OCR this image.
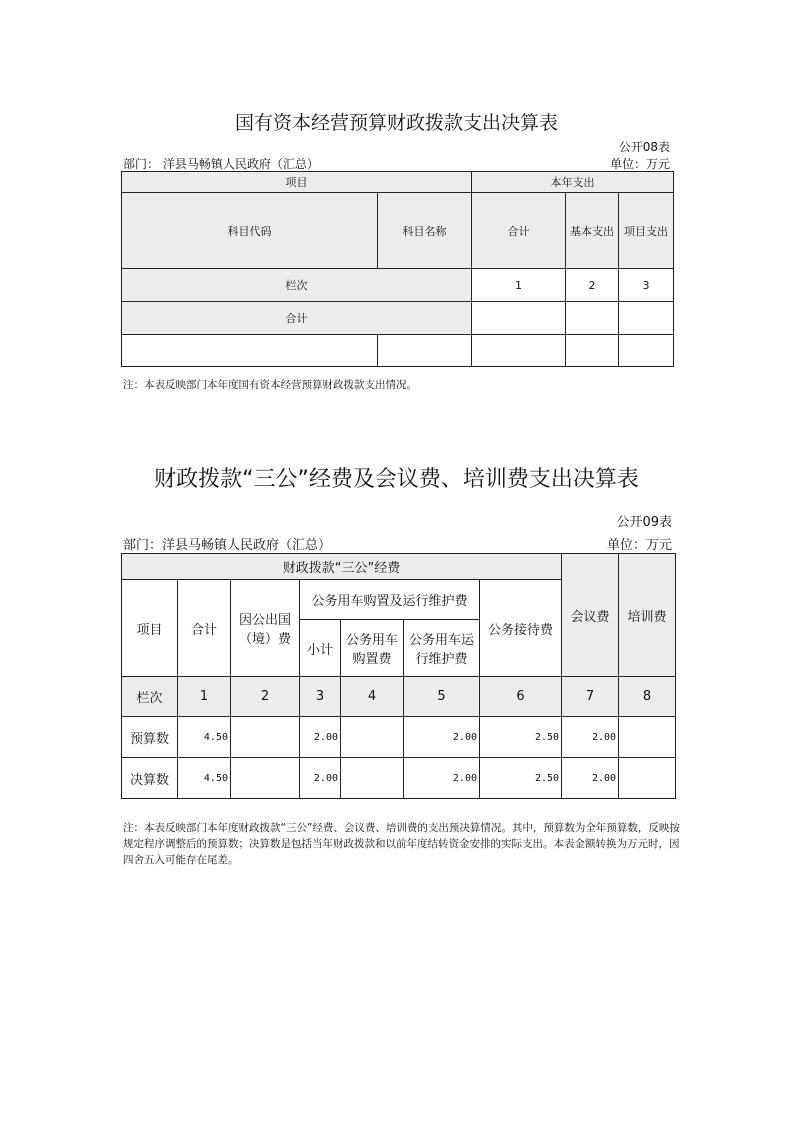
国有资本经营预算财政拨款支出决算表
公开08表
部门： 洋县马畅镇人民政府（汇总）	单位：万元
项目		本年支出		
科目代码	科目名称	合计	基本支出	项目支出
栏次		1	2	3
合计				

注：本表反映部门本年度国有资本经营预算财政拨款支出情况。
财政拨款“三公”经费及会议费、培训费支出决算表
公开09表
部门：洋县马畅镇人民政府（汇总）	单位：万元
财政拨款“三公”经费							会议费	培训费
项目	合计	因公出国（境）费	公务用车购置及运行维护费			公务接待费		
			小计	公务用车购置费	公务用车运行维护费			
栏次	1	2	3	4	5	6	7	8
预算数	4.50		2.00		2.00	2.50	2.00	
决算数	4.50		2.00		2.00	2.50	2.00	
注：本表反映部门本年度财政拨款“三公”经费、会议费、培训费的支出预决算情况。其中，预算数为全年预算数，反映按规定程序调整后的预算数；决算数是包括当年财政拨款和以前年度结转资金安排的实际支出。本表金额转换为万元时，因四舍五入可能存在尾差。
